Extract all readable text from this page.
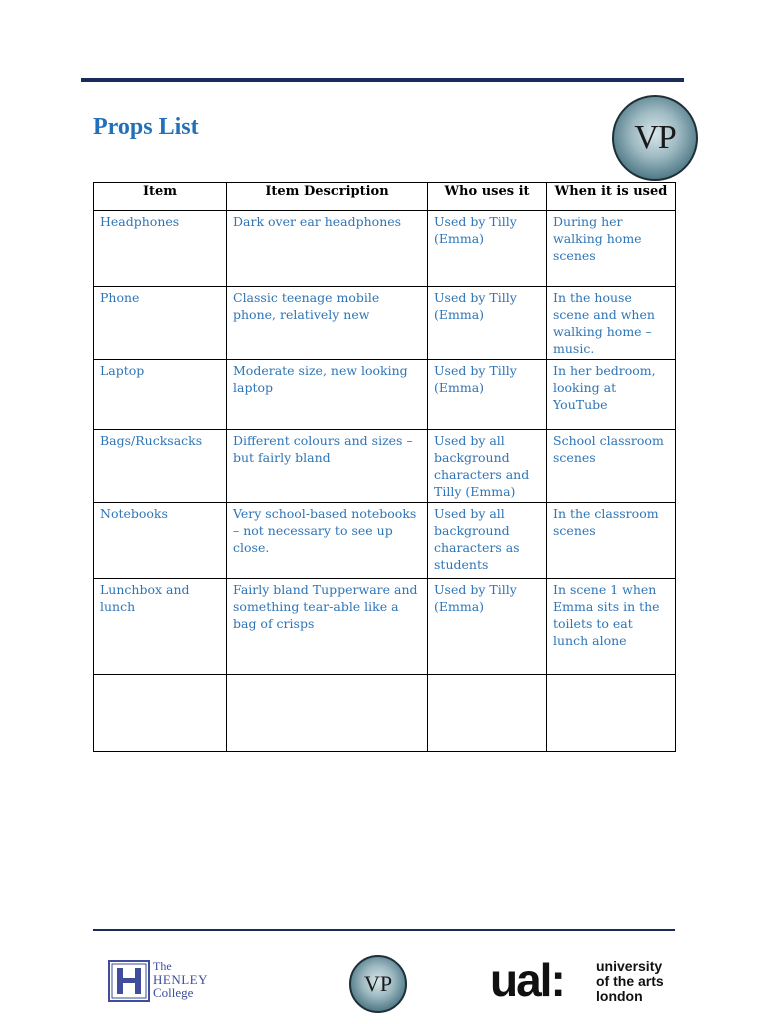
Props List	VP
Item	Item Description	Who uses it	When it is used
Headphones	Dark over ear headphones	Used by Tilly (Emma)	During her walking home scenes
Phone	Classic teenage mobile phone, relatively new	Used by Tilly (Emma)	In the house scene and when walking home – music.
Laptop	Moderate size, new looking laptop	Used by Tilly (Emma)	In her bedroom, looking at YouTube
Bags/Rucksacks	Different colours and sizes – but fairly bland	Used by all background characters and Tilly (Emma)	School classroom scenes
Notebooks	Very school-based notebooks – not necessary to see up close.	Used by all background characters as students	In the classroom scenes
Lunchbox and lunch	Fairly bland Tupperware and something tear-able like a bag of crisps	Used by Tilly (Emma)	In scene 1 when Emma sits in the toilets to eat lunch alone

The
HENLEY
College	VP ual: university
of the arts
london
